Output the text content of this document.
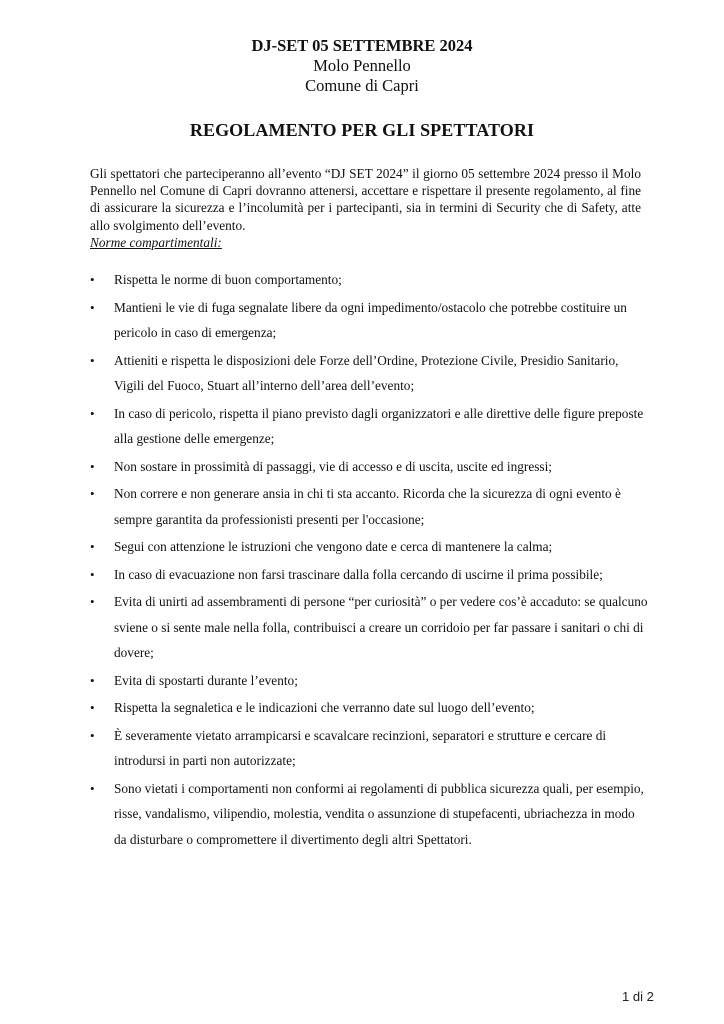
DJ-SET 05 SETTEMBRE 2024
Molo Pennello
Comune di Capri
REGOLAMENTO PER GLI SPETTATORI

Gli spettatori che parteciperanno all’evento “DJ SET 2024” il giorno 05 settembre 2024 presso il Molo Pennello nel Comune di Capri dovranno attenersi, accettare e rispettare il presente regolamento, al fine di assicurare la sicurezza e l’incolumità per i partecipanti, sia in termini di Security che di Safety, atte allo svolgimento dell’evento.

Norme compartimentali:
• Rispetta le norme di buon comportamento;
• Mantieni le vie di fuga segnalate libere da ogni impedimento/ostacolo che potrebbe costituire un pericolo in caso di emergenza;
• Attieniti e rispetta le disposizioni dele Forze dell’Ordine, Protezione Civile, Presidio Sanitario, Vigili del Fuoco, Stuart all’interno dell’area dell’evento;
• In caso di pericolo, rispetta il piano previsto dagli organizzatori e alle direttive delle figure preposte alla gestione delle emergenze;
• Non sostare in prossimità di passaggi, vie di accesso e di uscita, uscite ed ingressi;
• Non correre e non generare ansia in chi ti sta accanto. Ricorda che la sicurezza di ogni evento è sempre garantita da professionisti presenti per l'occasione;
• Segui con attenzione le istruzioni che vengono date e cerca di mantenere la calma;
• In caso di evacuazione non farsi trascinare dalla folla cercando di uscirne il prima possibile;
• Evita di unirti ad assembramenti di persone “per curiosità” o per vedere cos’è accaduto: se qualcuno sviene o si sente male nella folla, contribuisci a creare un corridoio per far passare i sanitari o chi di dovere;
• Evita di spostarti durante l’evento;
• Rispetta la segnaletica e le indicazioni che verranno date sul luogo dell’evento;
• È severamente vietato arrampicarsi e scavalcare recinzioni, separatori e strutture e cercare di introdursi in parti non autorizzate;
• Sono vietati i comportamenti non conformi ai regolamenti di pubblica sicurezza quali, per esempio, risse, vandalismo, vilipendio, molestia, vendita o assunzione di stupefacenti, ubriachezza in modo da disturbare o compromettere il divertimento degli altri Spettatori.
1 di 2
